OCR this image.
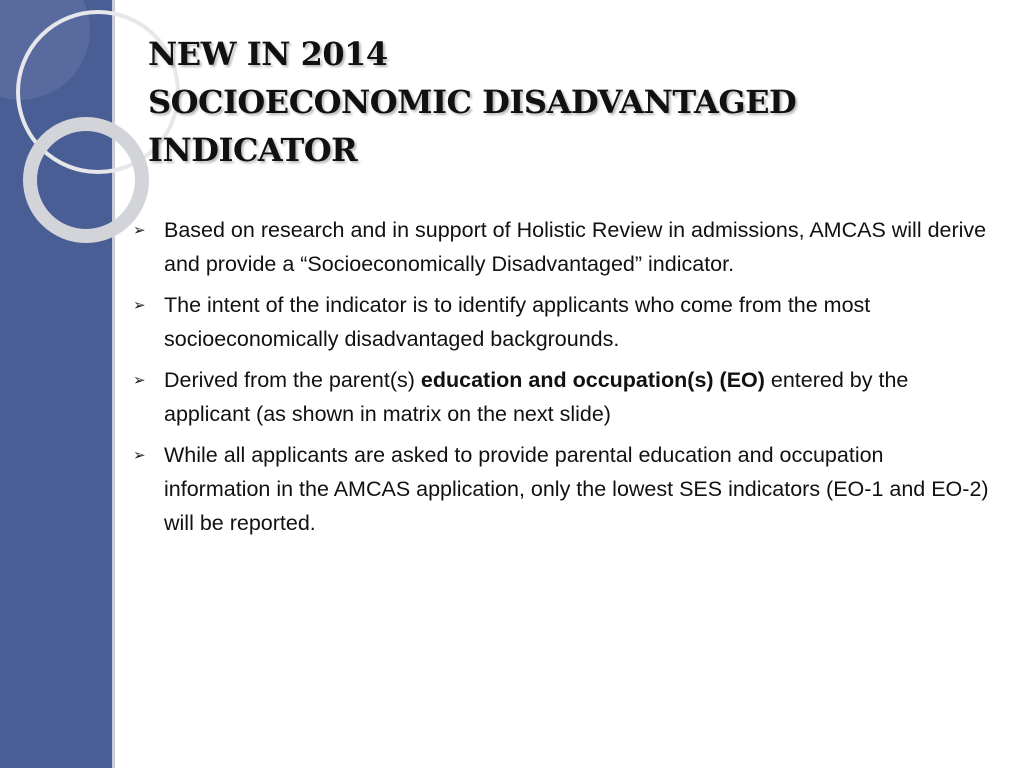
NEW IN 2014
SOCIOECONOMIC DISADVANTAGED
INDICATOR
➢ Based on research and in support of Holistic Review in admissions, AMCAS will derive and provide a “Socioeconomically Disadvantaged” indicator.
➢ The intent of the indicator is to identify applicants who come from the most socioeconomically disadvantaged backgrounds.
➢ Derived from the parent(s) education and occupation(s) (EO) entered by the applicant (as shown in matrix on the next slide)
➢ While all applicants are asked to provide parental education and occupation information in the AMCAS application, only the lowest SES indicators (EO-1 and EO-2) will be reported.
